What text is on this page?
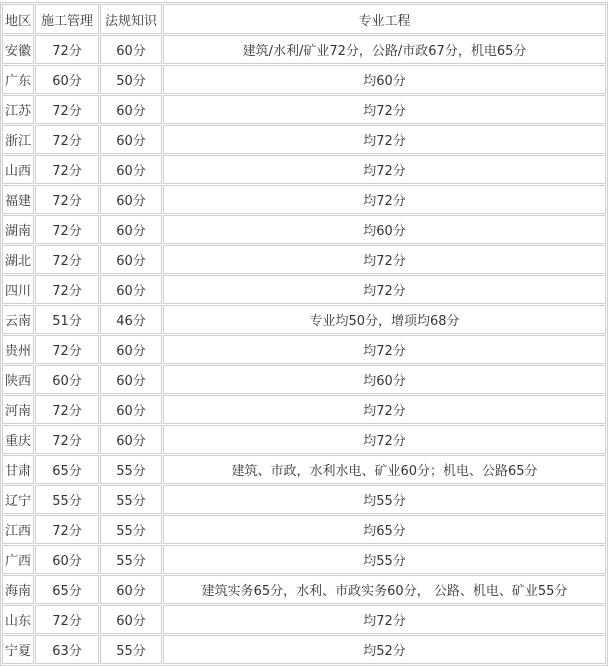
地区	施工管理	法规知识	专业工程
安徽	72分	60分	建筑/水利/矿业72分，公路/市政67分，机电65分
广东	60分	50分	均60分
江苏	72分	60分	均72分
浙江	72分	60分	均72分
山西	72分	60分	均72分
福建	72分	60分	均72分
湖南	72分	60分	均60分
湖北	72分	60分	均72分
四川	72分	60分	均72分
云南	51分	46分	专业均50分，增项均68分
贵州	72分	60分	均72分
陕西	60分	60分	均60分
河南	72分	60分	均72分
重庆	72分	60分	均72分
甘肃	65分	55分	建筑、市政，水利水电、矿业60分；机电、公路65分
辽宁	55分	55分	均55分
江西	72分	55分	均65分
广西	60分	55分	均55分
海南	65分	60分	建筑实务65分，水利、市政实务60分， 公路、机电、矿业55分
山东	72分	60分	均72分
宁夏	63分	55分	均52分
